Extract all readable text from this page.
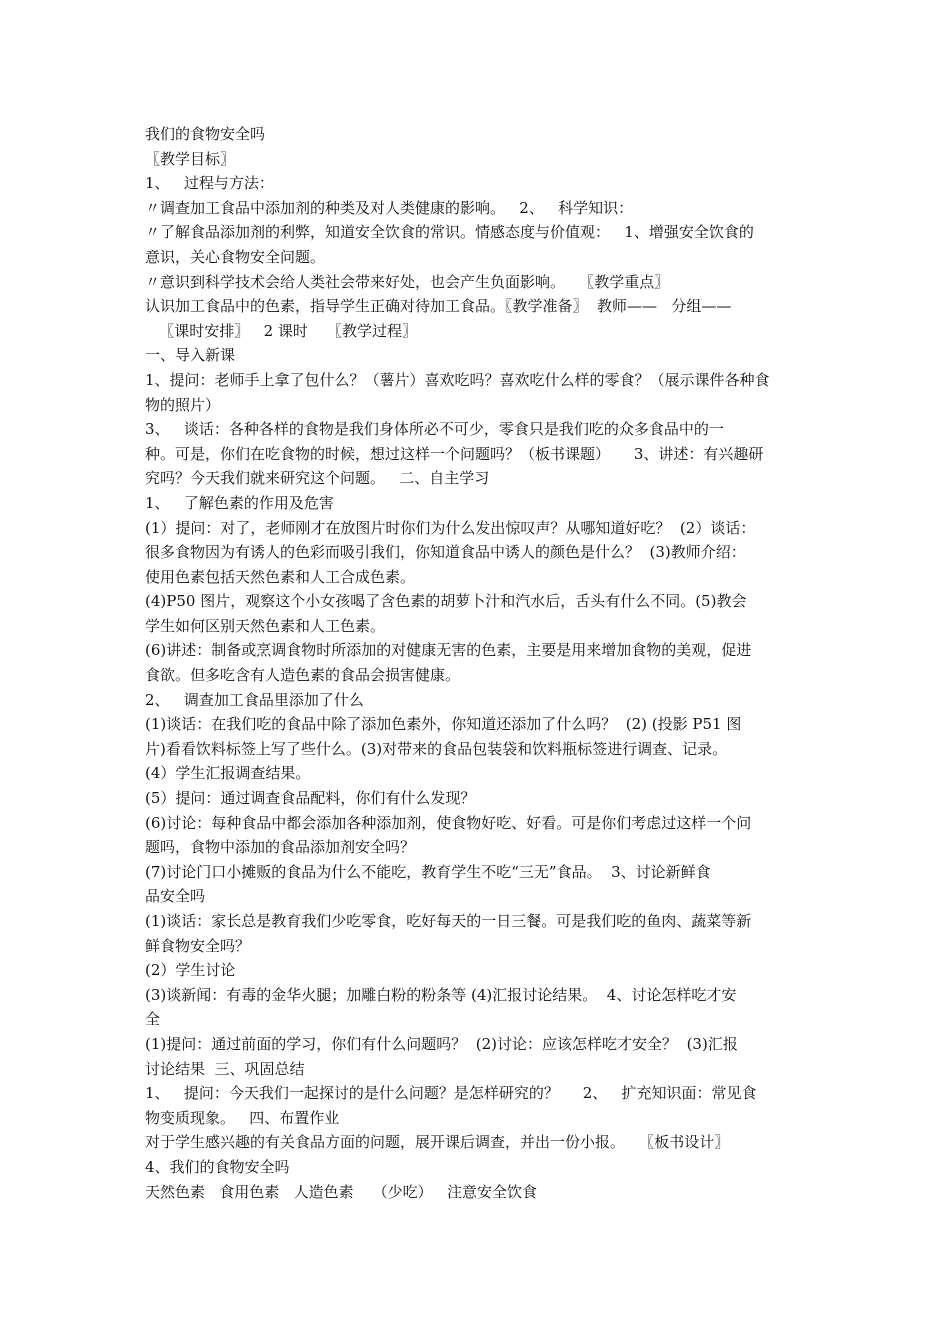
我们的食物安全吗

〖教学目标〗

1、   过程与方法：

〃调查加工食品中添加剂的种类及对人类健康的影响。   2、   科学知识：

〃了解食品添加剂的利弊，知道安全饮食的常识。情感态度与价值观：   1、增强安全饮食的

意识，关心食物安全问题。

〃意识到科学技术会给人类社会带来好处，也会产生负面影响。   〖教学重点〗

认识加工食品中的色素，指导学生正确对待加工食品。〖教学准备〗  教师——   分组——

〖课时安排〗   2 课时    〖教学过程〗

一、导入新课

1、提问：老师手上拿了包什么？（薯片）喜欢吃吗？喜欢吃什么样的零食？（展示课件各种食

物的照片）

3、   谈话：各种各样的食物是我们身体所必不可少，零食只是我们吃的众多食品中的一

种。可是，你们在吃食物的时候，想过这样一个问题吗？（板书课题）     3、讲述：有兴趣研

究吗？今天我们就来研究这个问题。   二、自主学习

1、   了解色素的作用及危害

(1）提问：对了，老师刚才在放图片时你们为什么发出惊叹声？从哪知道好吃？  (2）谈话：

很多食物因为有诱人的色彩而吸引我们，你知道食品中诱人的颜色是什么？  (3)教师介绍：

使用色素包括天然色素和人工合成色素。

(4)P50 图片，观察这个小女孩喝了含色素的胡萝卜汁和汽水后，舌头有什么不同。(5)教会

学生如何区别天然色素和人工色素。

(6)讲述：制备或烹调食物时所添加的对健康无害的色素，主要是用来增加食物的美观，促进

食欲。但多吃含有人造色素的食品会损害健康。

2、   调查加工食品里添加了什么

(1)谈话：在我们吃的食品中除了添加色素外，你知道还添加了什么吗？  (2) (投影 P51 图

片)看看饮料标签上写了些什么。(3)对带来的食品包装袋和饮料瓶标签进行调查、记录。

(4）学生汇报调查结果。

(5）提问：通过调查食品配料，你们有什么发现？

(6)讨论：每种食品中都会添加各种添加剂，使食物好吃、好看。可是你们考虑过这样一个问

题吗，食物中添加的食品添加剂安全吗？

(7)讨论门口小摊贩的食品为什么不能吃，教育学生不吃“三无”食品。  3、讨论新鲜食

品安全吗

(1)谈话：家长总是教育我们少吃零食，吃好每天的一日三餐。可是我们吃的鱼肉、蔬菜等新

鲜食物安全吗？

(2）学生讨论

(3)谈新闻：有毒的金华火腿；加雕白粉的粉条等 (4)汇报讨论结果。  4、讨论怎样吃才安

全

(1)提问：通过前面的学习，你们有什么问题吗？  (2)讨论：应该怎样吃才安全？  (3)汇报

讨论结果  三、巩固总结

1、   提问：今天我们一起探讨的是什么问题？是怎样研究的？     2、   扩充知识面：常见食

物变质现象。   四、布置作业

对于学生感兴趣的有关食品方面的问题，展开课后调查，并出一份小报。   〖板书设计〗

4、我们的食物安全吗

天然色素   食用色素   人造色素    （少吃）   注意安全饮食
